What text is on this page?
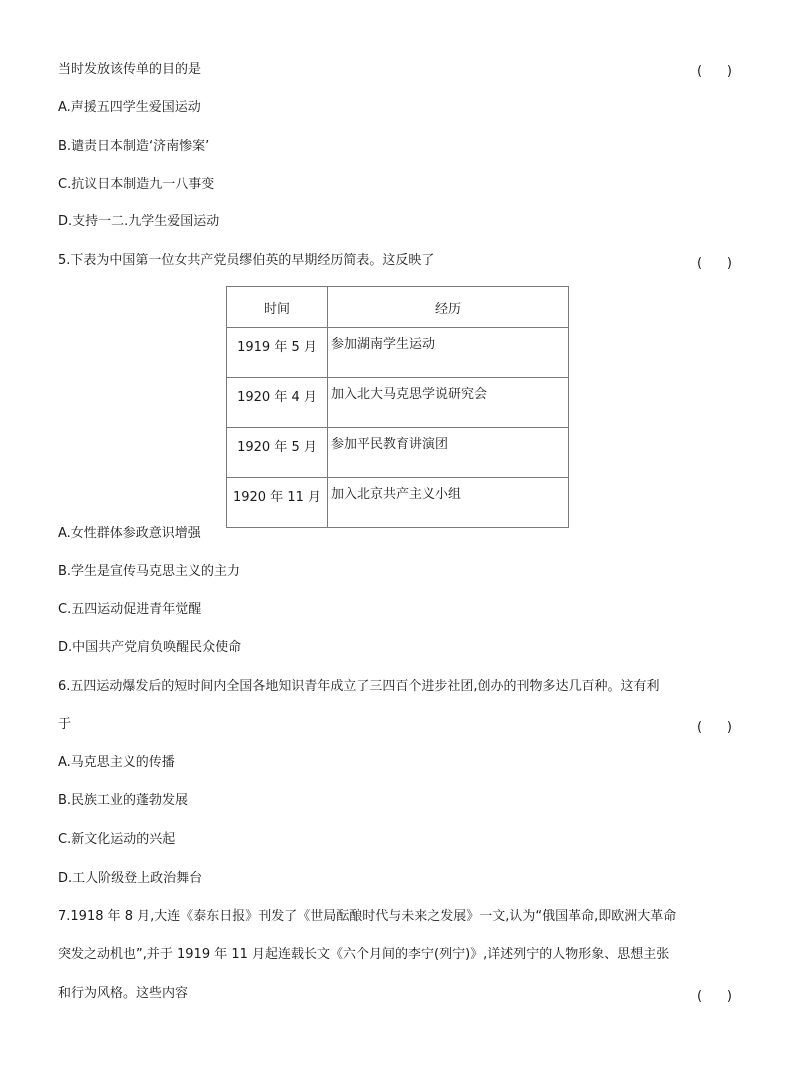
当时发放该传单的目的是	(      )
A.声援五四学生爱国运动
B.谴责日本制造‘济南惨案’
C.抗议日本制造九一八事变
D.支持一二.九学生爱国运动
5.下表为中国第一位女共产党员缪伯英的早期经历简表。这反映了	(      )
时间	经历
1919 年 5 月	参加湖南学生运动
1920 年 4 月	加入北大马克思学说研究会
1920 年 5 月	参加平民教育讲演团
1920 年 11 月	加入北京共产主义小组
A.女性群体参政意识增强
B.学生是宣传马克思主义的主力
C.五四运动促进青年觉醒
D.中国共产党肩负唤醒民众使命
6.五四运动爆发后的短时间内全国各地知识青年成立了三四百个进步社团,创办的刊物多达几百种。这有利
于	(      )
A.马克思主义的传播
B.民族工业的蓬勃发展
C.新文化运动的兴起
D.工人阶级登上政治舞台
7.1918 年 8 月,大连《泰东日报》刊发了《世局酝酿时代与未来之发展》一文,认为“俄国革命,即欧洲大革命
突发之动机也”,并于 1919 年 11 月起连载长文《六个月间的李宁(列宁)》,详述列宁的人物形象、思想主张
和行为风格。这些内容	(      )
